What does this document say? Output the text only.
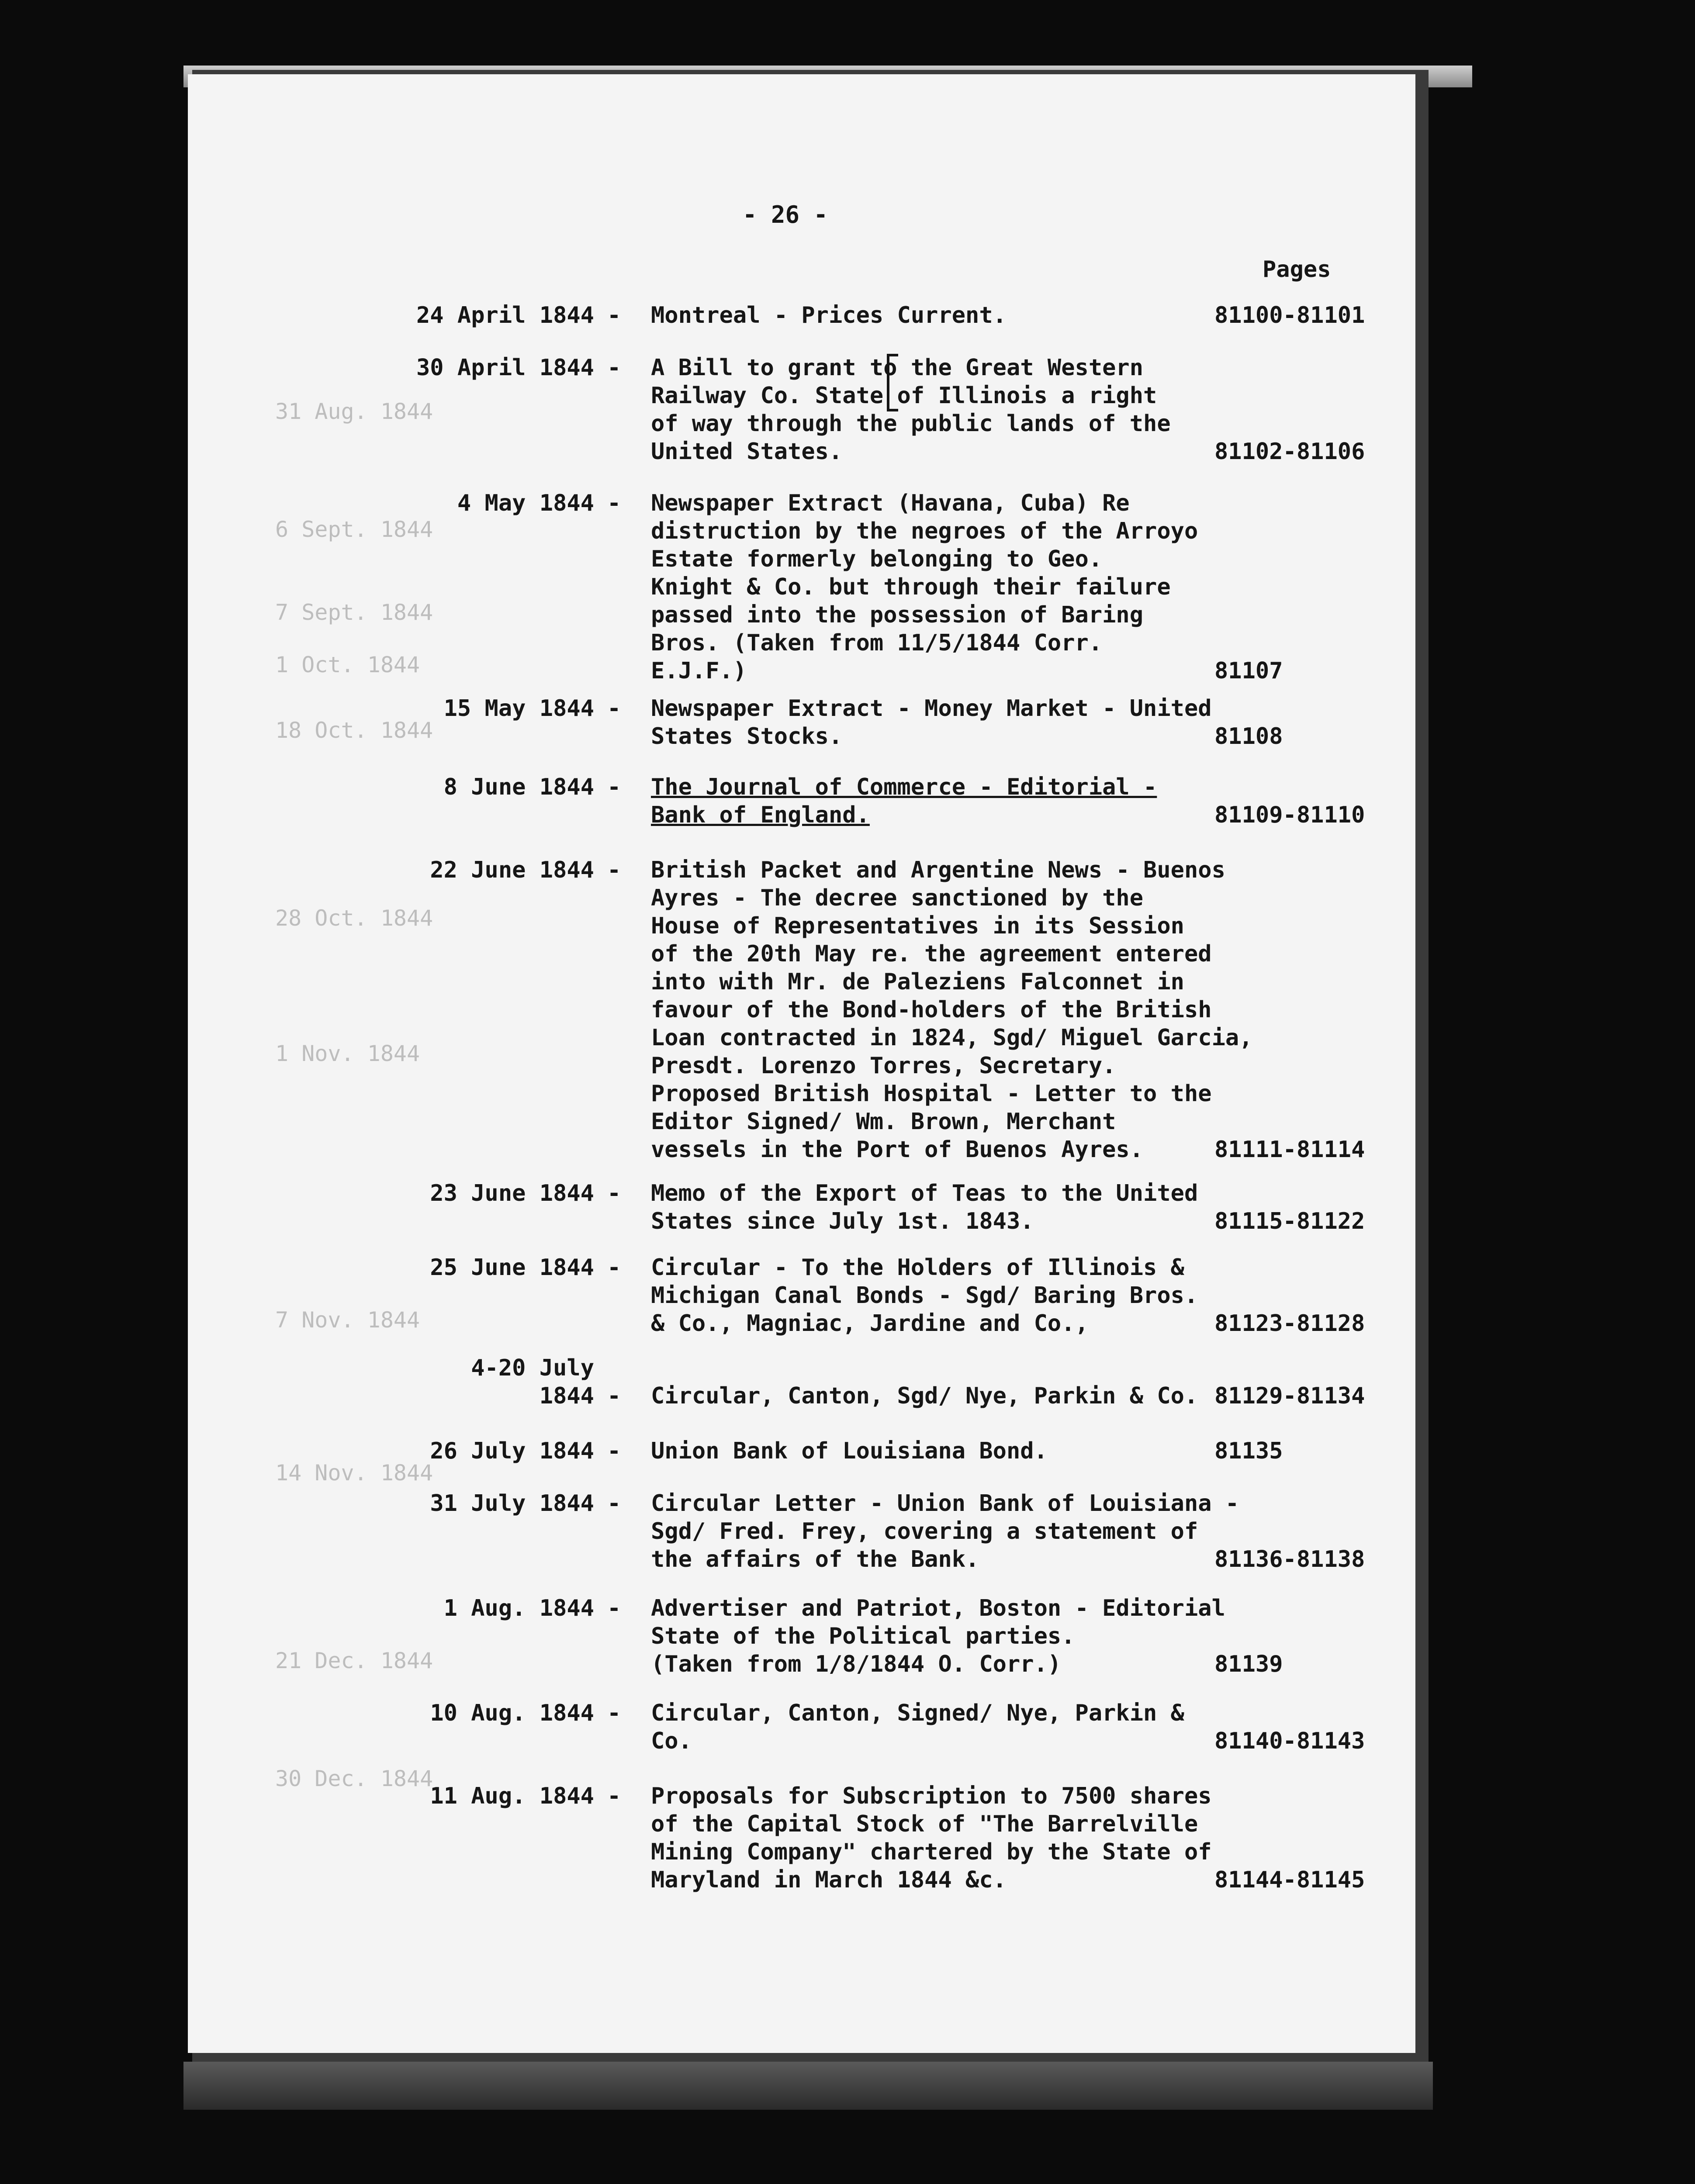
- 26 -
Pages
31 Aug. 1844
6 Sept. 1844
7 Sept. 1844
1 Oct. 1844
18 Oct. 1844
28 Oct. 1844
1 Nov. 1844
7 Nov. 1844
14 Nov. 1844
21 Dec. 1844
30 Dec. 1844
24 April 1844 - Montreal - Prices Current.	81100-81101
30 April 1844 - A Bill to grant to the Great Western
Railway Co. State of Illinois a right
of way through the public lands of the
United States.	81102-81106
4 May 1844 - Newspaper Extract (Havana, Cuba) Re
distruction by the negroes of the Arroyo
Estate formerly belonging to Geo.
Knight & Co. but through their failure
passed into the possession of Baring
Bros. (Taken from 11/5/1844 Corr.
E.J.F.)	81107
15 May 1844 - Newspaper Extract - Money Market - United
States Stocks.	81108
8 June 1844 - The Journal of Commerce - Editorial -
Bank of England.	81109-81110
22 June 1844 - British Packet and Argentine News - Buenos
Ayres - The decree sanctioned by the
House of Representatives in its Session
of the 20th May re. the agreement entered
into with Mr. de Paleziens Falconnet in
favour of the Bond-holders of the British
Loan contracted in 1824, Sgd/ Miguel Garcia,
Presdt. Lorenzo Torres, Secretary.
Proposed British Hospital - Letter to the
Editor Signed/ Wm. Brown, Merchant
vessels in the Port of Buenos Ayres.	81111-81114
23 June 1844 - Memo of the Export of Teas to the United
States since July 1st. 1843.	81115-81122
25 June 1844 - Circular - To the Holders of Illinois &
Michigan Canal Bonds - Sgd/ Baring Bros.
& Co., Magniac, Jardine and Co.,	81123-81128
4-20 July
1844 - Circular, Canton, Sgd/ Nye, Parkin & Co. 81129-81134
26 July 1844 - Union Bank of Louisiana Bond.	81135
31 July 1844 - Circular Letter - Union Bank of Louisiana -
Sgd/ Fred. Frey, covering a statement of
the affairs of the Bank.	81136-81138
1 Aug. 1844 - Advertiser and Patriot, Boston - Editorial
State of the Political parties.
(Taken from 1/8/1844 O. Corr.)	81139
10 Aug. 1844 - Circular, Canton, Signed/ Nye, Parkin &
Co.	81140-81143
11 Aug. 1844 - Proposals for Subscription to 7500 shares
of the Capital Stock of "The Barrelville
Mining Company" chartered by the State of
Maryland in March 1844 &c.	81144-81145
